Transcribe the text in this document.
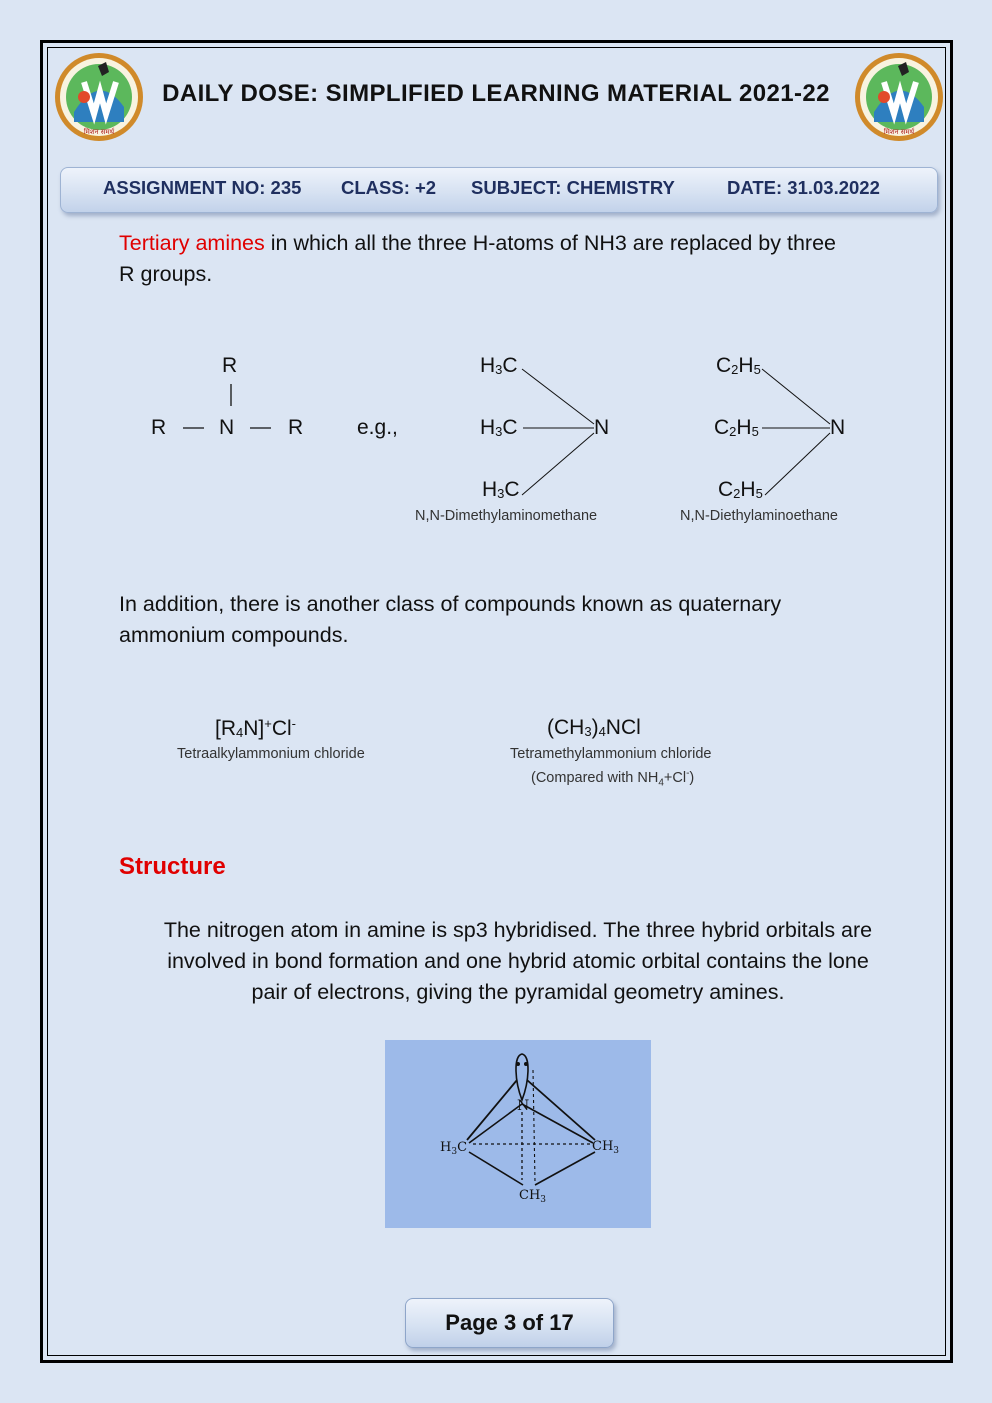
मिशन समर्थ	मिशन समर्थ
DAILY DOSE: SIMPLIFIED LEARNING MATERIAL 2021-22
ASSIGNMENT NO: 235 CLASS: +2 SUBJECT: CHEMISTRY	DATE: 31.03.2022
Tertiary amines in which all the three H-atoms of NH3 are replaced by three
R groups.
R
R	N	R	e.g.,
$H_3C$
$H_3C$
$H_3C$
N
N,N-Dimethylaminomethane
$C_2H_5$
$C_2H_5$
$C_2H_5$
N
N,N-Diethylaminoethane
In addition, there is another class of compounds known as quaternary
ammonium compounds.
$[R_4N]^+Cl^-$
Tetraalkylammonium chloride
$(CH_3)_4NCl$
Tetramethylammonium chloride
(Compared with $NH_4+Cl^-$)
Structure
The nitrogen atom in amine is sp3 hybridised. The three hybrid orbitals are
involved in bond formation and one hybrid atomic orbital contains the lone
pair of electrons, giving the pyramidal geometry amines.
N
$H_3C$	$CH_3$
$CH_3$
Page 3 of 17
